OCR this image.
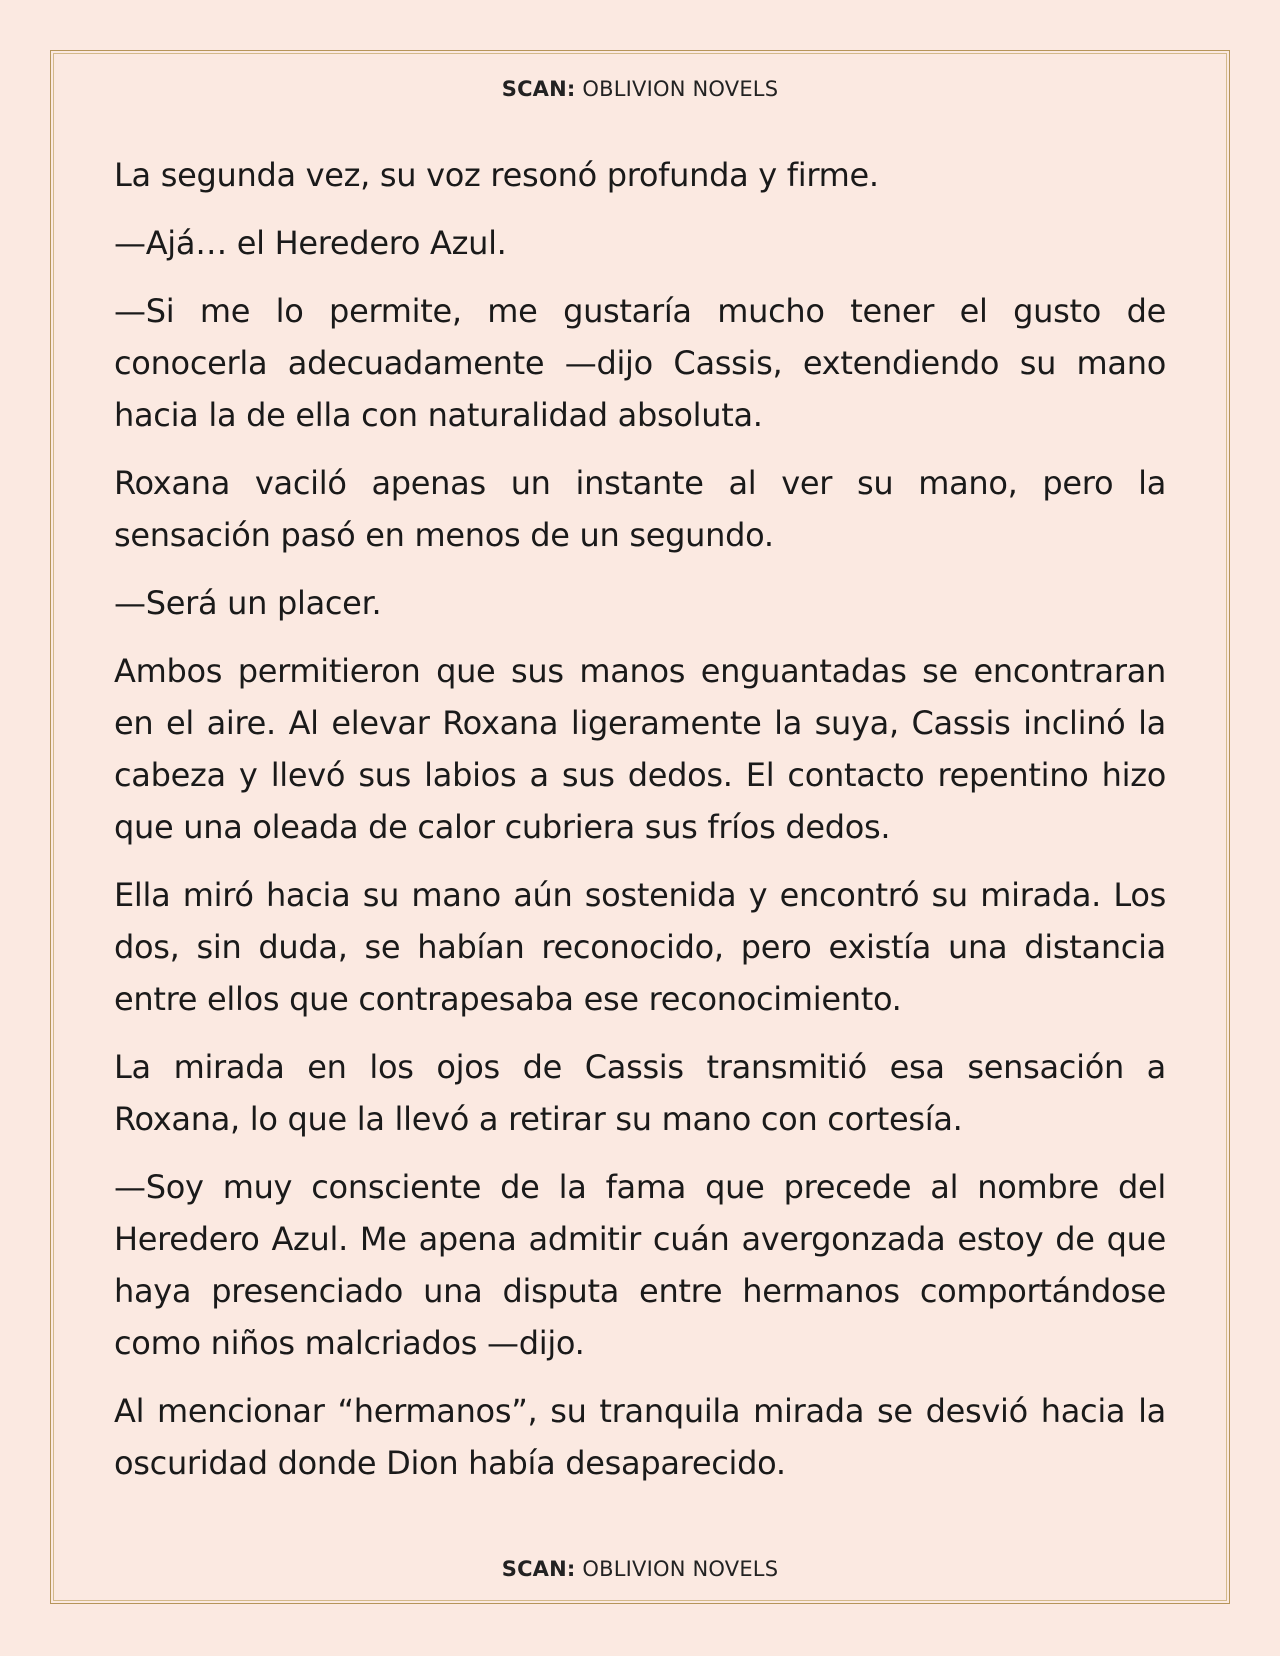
SCAN: OBLIVION NOVELS

La segunda vez, su voz resonó profunda y firme.

—Ajá… el Heredero Azul.

—Si me lo permite, me gustaría mucho tener el gusto de conocerla adecuadamente —dijo Cassis, extendiendo su mano hacia la de ella con naturalidad absoluta.

Roxana vaciló apenas un instante al ver su mano, pero la sensación pasó en menos de un segundo.

—Será un placer.

Ambos permitieron que sus manos enguantadas se encontraran en el aire. Al elevar Roxana ligeramente la suya, Cassis inclinó la cabeza y llevó sus labios a sus dedos. El contacto repentino hizo que una oleada de calor cubriera sus fríos dedos.

Ella miró hacia su mano aún sostenida y encontró su mirada. Los dos, sin duda, se habían reconocido, pero existía una distancia entre ellos que contrapesaba ese reconocimiento.

La mirada en los ojos de Cassis transmitió esa sensación a Roxana, lo que la llevó a retirar su mano con cortesía.

—Soy muy consciente de la fama que precede al nombre del Heredero Azul. Me apena admitir cuán avergonzada estoy de que haya presenciado una disputa entre hermanos comportándose como niños malcriados —dijo.

Al mencionar “hermanos”, su tranquila mirada se desvió hacia la oscuridad donde Dion había desaparecido.

SCAN: OBLIVION NOVELS
